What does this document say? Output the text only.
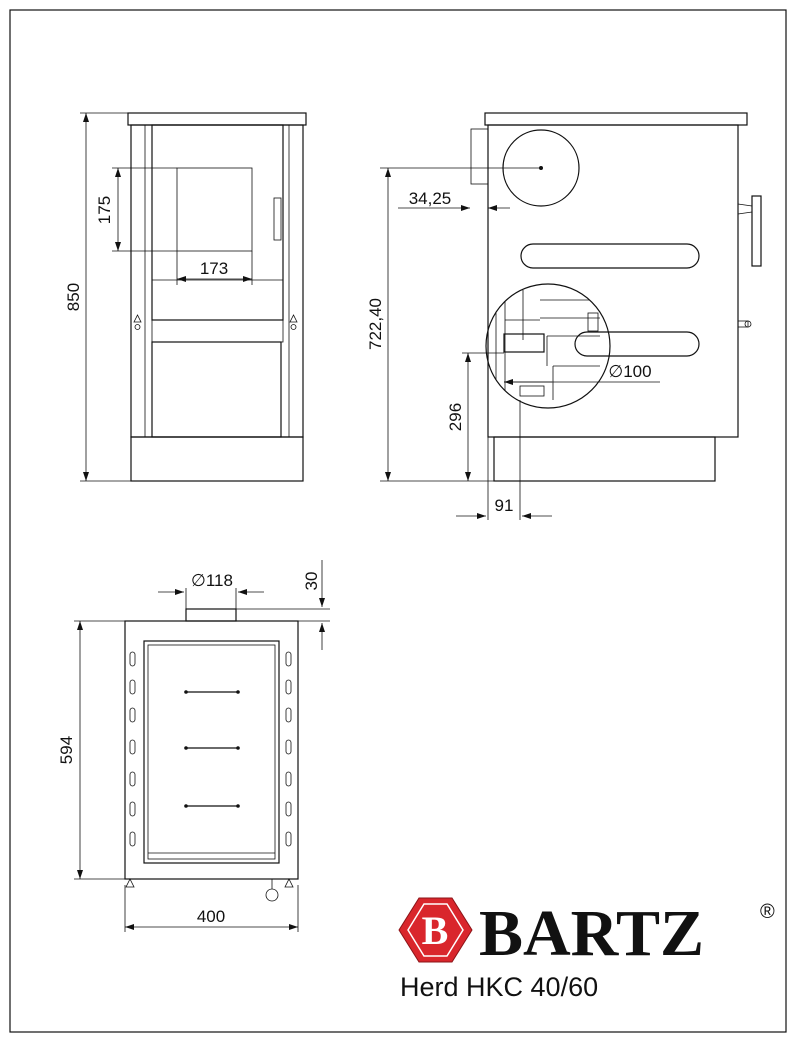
850
175
173
722,40
34,25
296
∅100
91
594
400
∅118	30
B BARTZ	®
Herd HKC 40/60
